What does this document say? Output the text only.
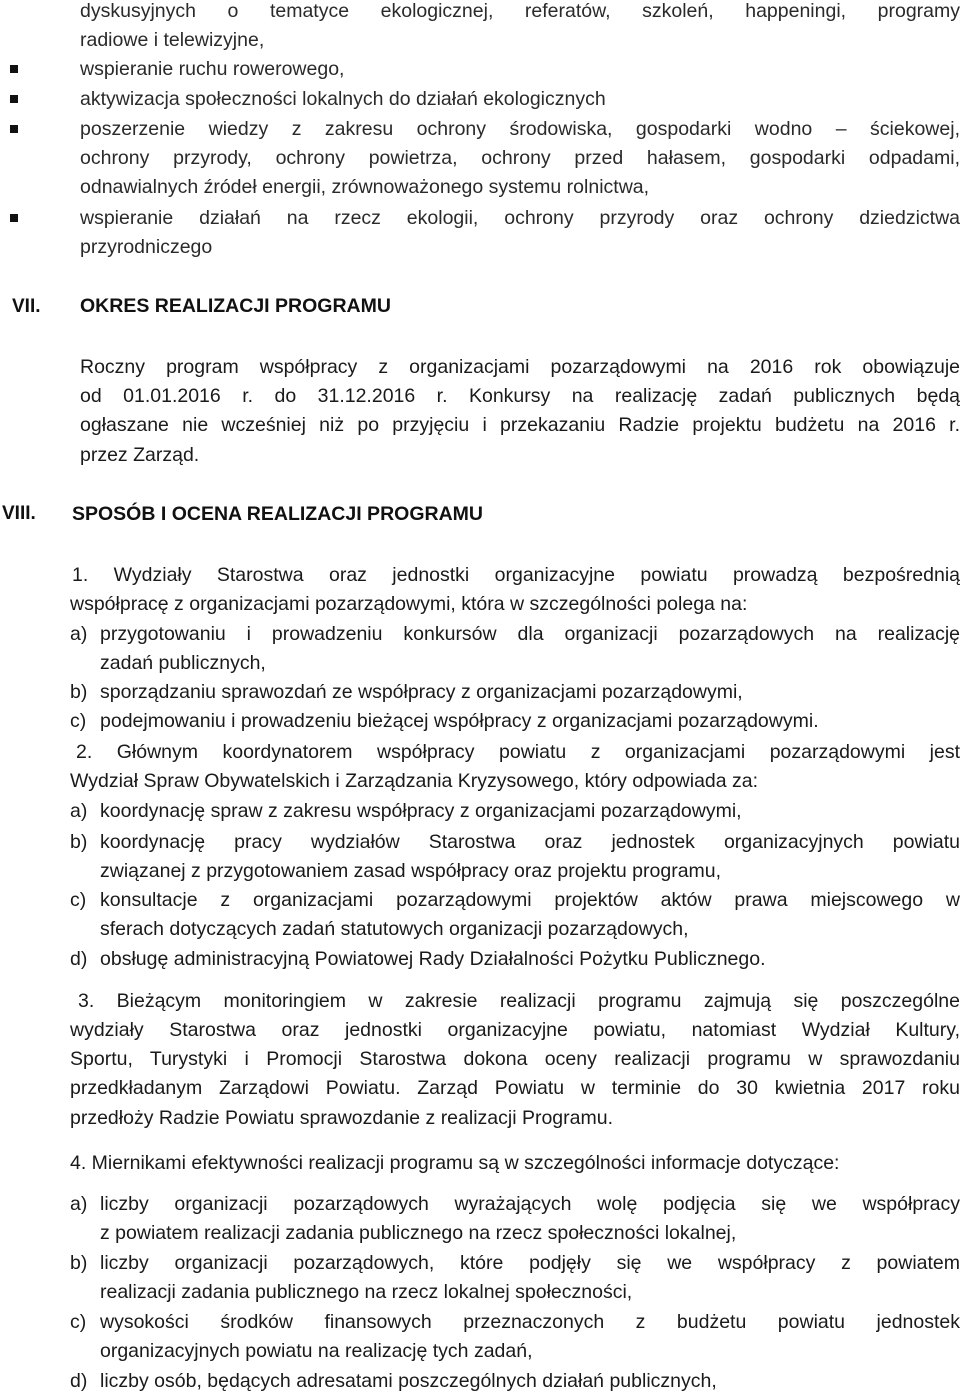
dyskusyjnych o tematyce ekologicznej, referatów, szkoleń, happeningi, programy
radiowe i telewizyjne,
wspieranie ruchu rowerowego,
aktywizacja społeczności lokalnych do działań ekologicznych
poszerzenie wiedzy z zakresu ochrony środowiska, gospodarki wodno – ściekowej,
ochrony przyrody, ochrony powietrza, ochrony przed hałasem, gospodarki odpadami,
odnawialnych źródeł energii, zrównoważonego systemu rolnictwa,
wspieranie działań na rzecz ekologii, ochrony przyrody oraz ochrony dziedzictwa
przyrodniczego
VII. OKRES REALIZACJI PROGRAMU
Roczny program współpracy z organizacjami pozarządowymi na 2016 rok obowiązuje
od 01.01.2016 r. do 31.12.2016 r. Konkursy na realizację zadań publicznych będą
ogłaszane nie wcześniej niż po przyjęciu i przekazaniu Radzie projektu budżetu na 2016 r.
przez Zarząd.
VIII. SPOSÓB I OCENA REALIZACJI PROGRAMU
1. Wydziały Starostwa oraz jednostki organizacyjne powiatu prowadzą bezpośrednią
współpracę z organizacjami pozarządowymi, która w szczególności polega na:
a) przygotowaniu i prowadzeniu konkursów dla organizacji pozarządowych na realizację
zadań publicznych,
b) sporządzaniu sprawozdań ze współpracy z organizacjami pozarządowymi,
c) podejmowaniu i prowadzeniu bieżącej współpracy z organizacjami pozarządowymi.
2. Głównym koordynatorem współpracy powiatu z organizacjami pozarządowymi jest
Wydział Spraw Obywatelskich i Zarządzania Kryzysowego, który odpowiada za:
a) koordynację spraw z zakresu współpracy z organizacjami pozarządowymi,
b) koordynację pracy wydziałów Starostwa oraz jednostek organizacyjnych powiatu
związanej z przygotowaniem zasad współpracy oraz projektu programu,
c) konsultacje z organizacjami pozarządowymi projektów aktów prawa miejscowego w
sferach dotyczących zadań statutowych organizacji pozarządowych,
d) obsługę administracyjną Powiatowej Rady Działalności Pożytku Publicznego.
3. Bieżącym monitoringiem w zakresie realizacji programu zajmują się poszczególne
wydziały Starostwa oraz jednostki organizacyjne powiatu, natomiast Wydział Kultury,
Sportu, Turystyki i Promocji Starostwa dokona oceny realizacji programu w sprawozdaniu
przedkładanym Zarządowi Powiatu. Zarząd Powiatu w terminie do 30 kwietnia 2017 roku
przedłoży Radzie Powiatu sprawozdanie z realizacji Programu.
4. Miernikami efektywności realizacji programu są w szczególności informacje dotyczące:
a) liczby organizacji pozarządowych wyrażających wolę podjęcia się we współpracy
z powiatem realizacji zadania publicznego na rzecz społeczności lokalnej,
b) liczby organizacji pozarządowych, które podjęły się we współpracy z powiatem
realizacji zadania publicznego na rzecz lokalnej społeczności,
c) wysokości środków finansowych przeznaczonych z budżetu powiatu jednostek
organizacyjnych powiatu na realizację tych zadań,
d) liczby osób, będących adresatami poszczególnych działań publicznych,
